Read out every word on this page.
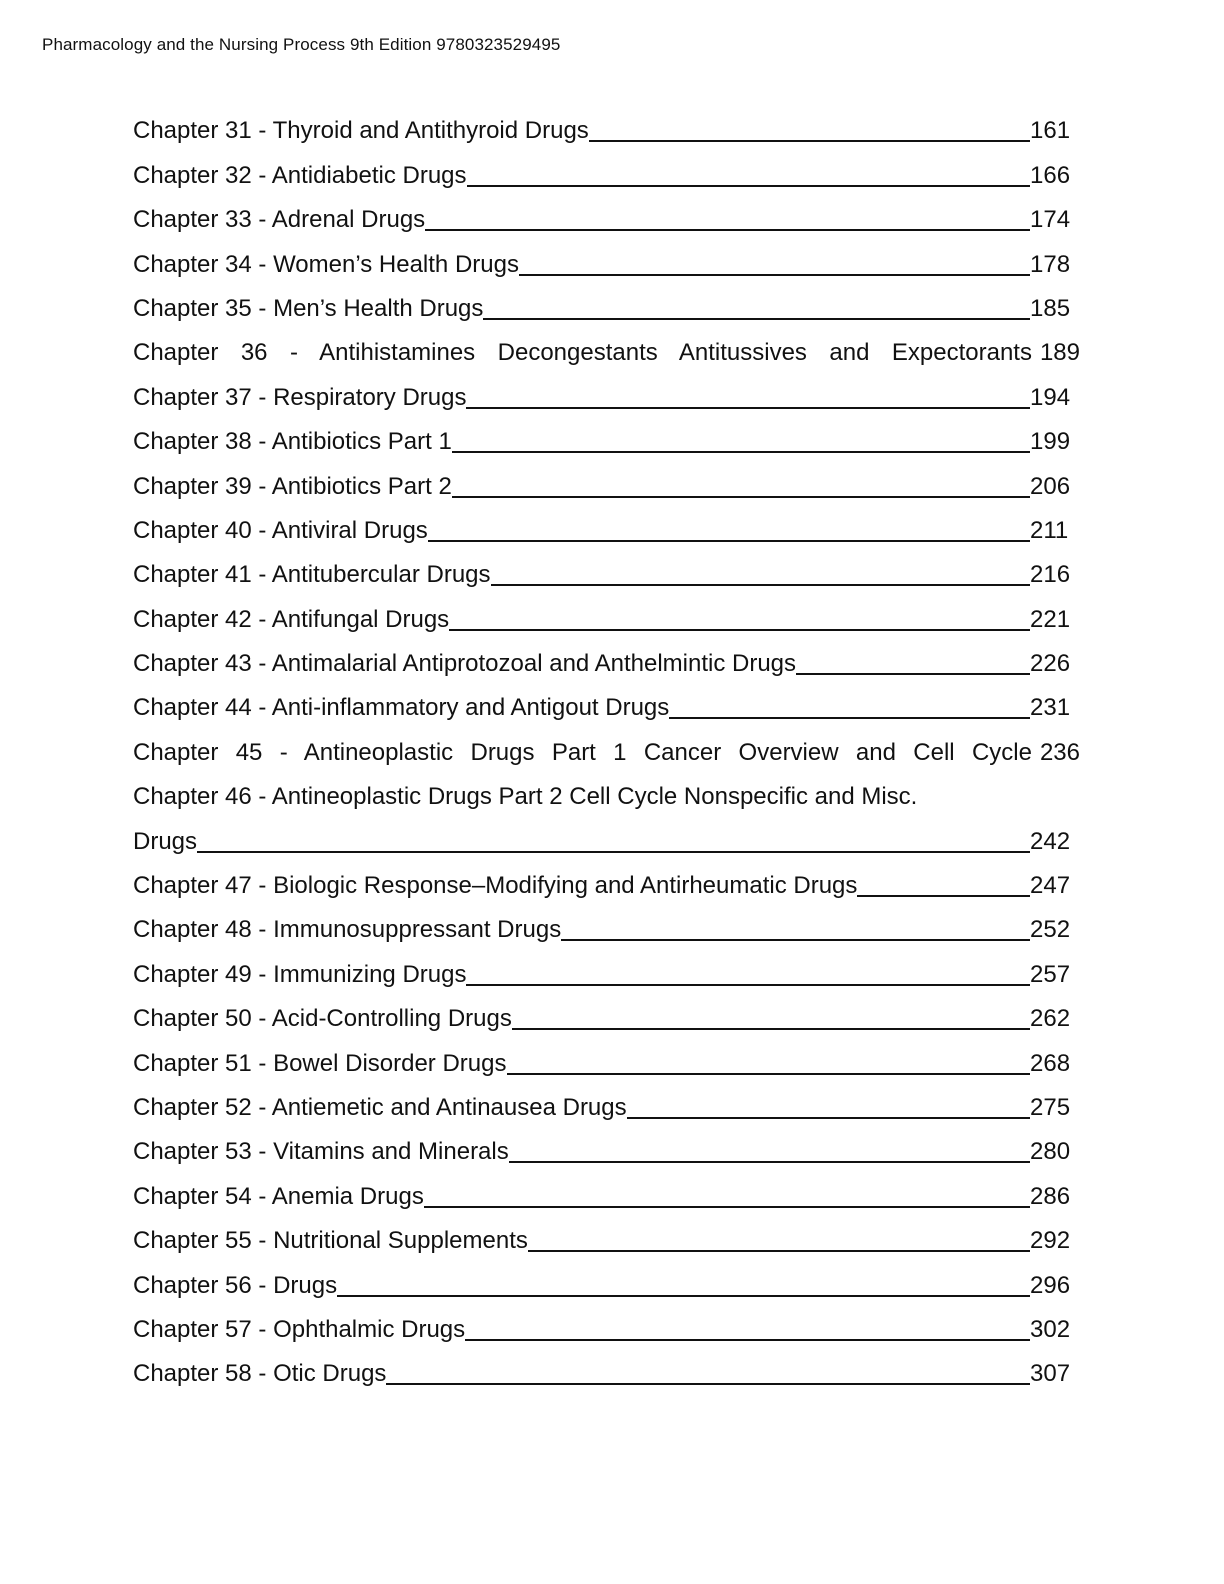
Pharmacology and the Nursing Process 9th Edition 9780323529495
Chapter 31 - Thyroid and Antithyroid Drugs	161
Chapter 32 - Antidiabetic Drugs	166
Chapter 33 - Adrenal Drugs	174
Chapter 34 - Women’s Health Drugs	178
Chapter 35 - Men’s Health Drugs	185
Chapter 36 - Antihistamines Decongestants Antitussives and Expectorants 189
Chapter 37 - Respiratory Drugs	194
Chapter 38 - Antibiotics Part 1	199
Chapter 39 - Antibiotics Part 2	206
Chapter 40 - Antiviral Drugs	211
Chapter 41 - Antitubercular Drugs	216
Chapter 42 - Antifungal Drugs	221
Chapter 43 - Antimalarial Antiprotozoal and Anthelmintic Drugs	226
Chapter 44 - Anti-inflammatory and Antigout Drugs	231
Chapter 45 - Antineoplastic Drugs Part 1 Cancer Overview and Cell Cycle 236
Chapter 46 - Antineoplastic Drugs Part 2 Cell Cycle Nonspecific and Misc.
Drugs	242
Chapter 47 - Biologic Response–Modifying and Antirheumatic Drugs	247
Chapter 48 - Immunosuppressant Drugs	252
Chapter 49 - Immunizing Drugs	257
Chapter 50 - Acid-Controlling Drugs	262
Chapter 51 - Bowel Disorder Drugs	268
Chapter 52 - Antiemetic and Antinausea Drugs	275
Chapter 53 - Vitamins and Minerals	280
Chapter 54 - Anemia Drugs	286
Chapter 55 - Nutritional Supplements	292
Chapter 56 - Drugs	296
Chapter 57 - Ophthalmic Drugs	302
Chapter 58 - Otic Drugs	307
